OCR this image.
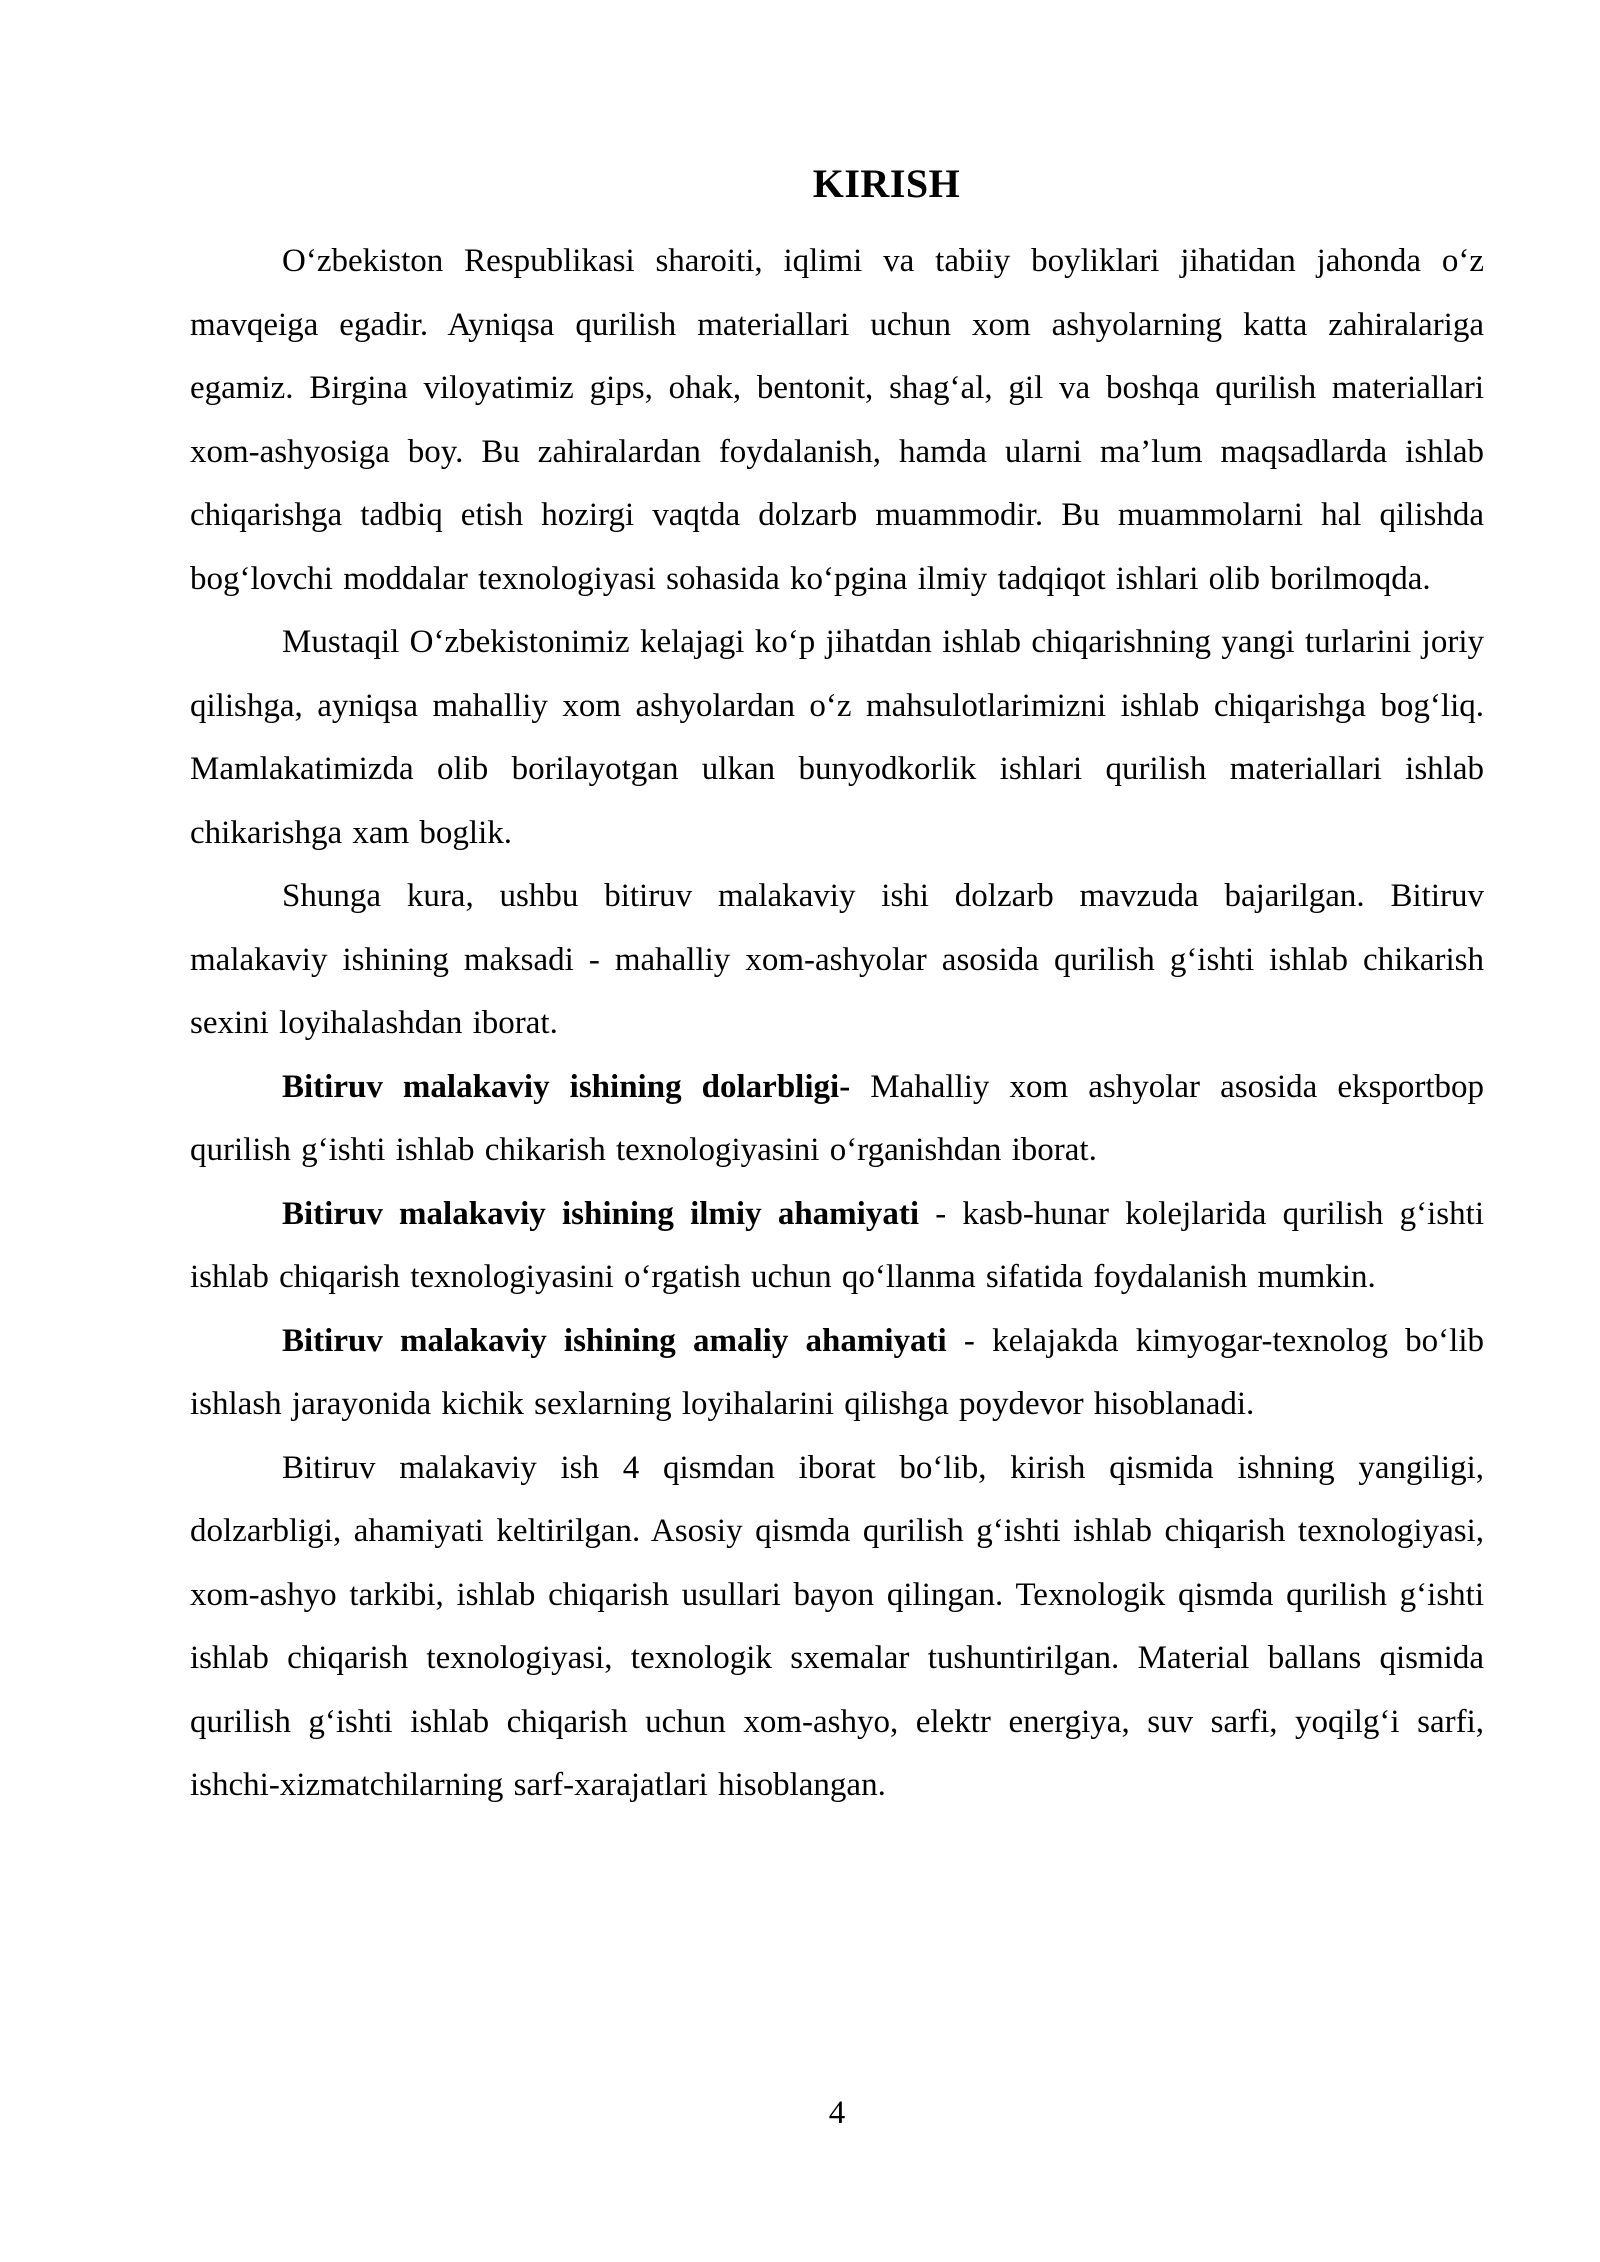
KIRISH

O‘zbekiston Respublikasi sharoiti, iqlimi va tabiiy boyliklari jihatidan jahonda o‘z mavqeiga egadir. Ayniqsa qurilish materiallari uchun xom ashyolarning katta zahiralariga egamiz. Birgina viloyatimiz gips, ohak, bentonit, shag‘al, gil va boshqa qurilish materiallari xom-ashyosiga boy. Bu zahiralardan foydalanish, hamda ularni ma’lum maqsadlarda ishlab chiqarishga tadbiq etish hozirgi vaqtda dolzarb muammodir. Bu muammolarni hal qilishda bog‘lovchi moddalar texnologiyasi sohasida ko‘pgina ilmiy tadqiqot ishlari olib borilmoqda.

Mustaqil O‘zbekistonimiz kelajagi ko‘p jihatdan ishlab chiqarishning yangi turlarini joriy qilishga, ayniqsa mahalliy xom ashyolardan o‘z mahsulotlarimizni ishlab chiqarishga bog‘liq. Mamlakatimizda olib borilayotgan ulkan bunyodkorlik ishlari qurilish materiallari ishlab chikarishga xam boglik.

Shunga kura, ushbu bitiruv malakaviy ishi dolzarb mavzuda bajarilgan. Bitiruv malakaviy ishining maksadi - mahalliy xom-ashyolar asosida qurilish g‘ishti ishlab chikarish sexini loyihalashdan iborat.

Bitiruv malakaviy ishining dolarbligi- Mahalliy xom ashyolar asosida eksportbop qurilish g‘ishti ishlab chikarish texnologiyasini o‘rganishdan iborat.

Bitiruv malakaviy ishining ilmiy ahamiyati - kasb-hunar kolejlarida qurilish g‘ishti ishlab chiqarish texnologiyasini o‘rgatish uchun qo‘llanma sifatida foydalanish mumkin.

Bitiruv malakaviy ishining amaliy ahamiyati - kelajakda kimyogar-texnolog bo‘lib ishlash jarayonida kichik sexlarning loyihalarini qilishga poydevor hisoblanadi.

Bitiruv malakaviy ish 4 qismdan iborat bo‘lib, kirish qismida ishning yangiligi, dolzarbligi, ahamiyati keltirilgan. Asosiy qismda qurilish g‘ishti ishlab chiqarish texnologiyasi, xom-ashyo tarkibi, ishlab chiqarish usullari bayon qilingan. Texnologik qismda qurilish g‘ishti ishlab chiqarish texnologiyasi, texnologik sxemalar tushuntirilgan. Material ballans qismida qurilish g‘ishti ishlab chiqarish uchun xom-ashyo, elektr energiya, suv sarfi, yoqilg‘i sarfi, ishchi-xizmatchilarning sarf-xarajatlari hisoblangan.

4
